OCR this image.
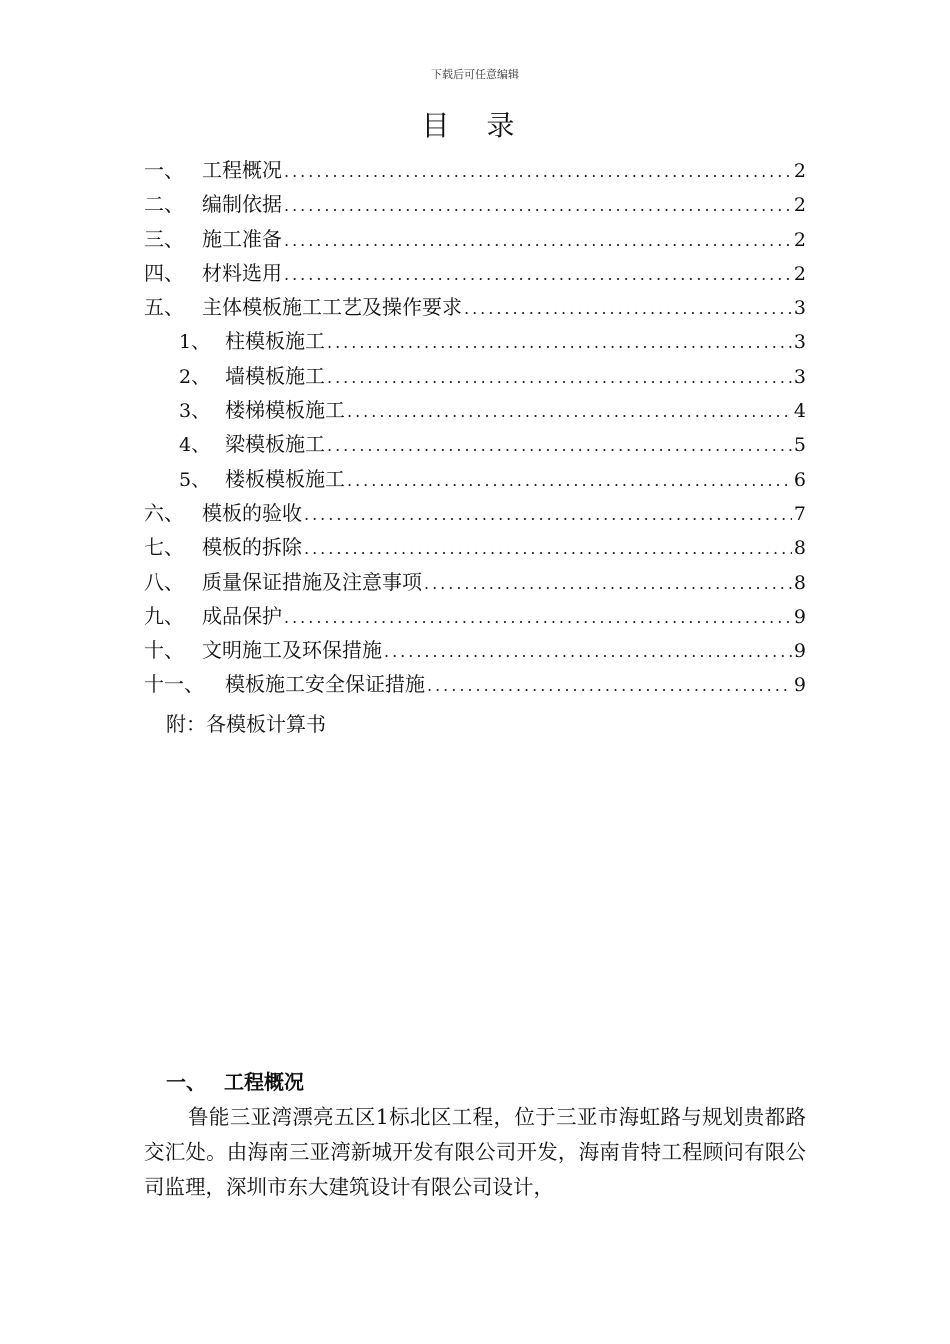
下载后可任意编辑
目 录
一、 工程概况 .....	2
二、 编制依据 .....	2
三、 施工准备 .....	2
四、 材料选用 .....	2
五、 主体模板施工工艺及操作要求 .....	3
1、 柱模板施工 .....	3
2、 墙模板施工 .....	3
3、 楼梯模板施工 .....	4
4、 梁模板施工 .....	5
5、 楼板模板施工 .....	6
六、 模板的验收 .....	7
七、 模板的拆除 .....	8
八、 质量保证措施及注意事项 .....	8
九、 成品保护 .....	9
十、 文明施工及环保措施 .....	9
十一、	模板施工安全保证措施 .....	9
附：各模板计算书
一、 工程概况
鲁能三亚湾漂亮五区1标北区工程，位于三亚市海虹路与规划贵都路交汇处。由海南三亚湾新城开发有限公司开发，海南肯特工程顾问有限公司监理，深圳市东大建筑设计有限公司设计，
